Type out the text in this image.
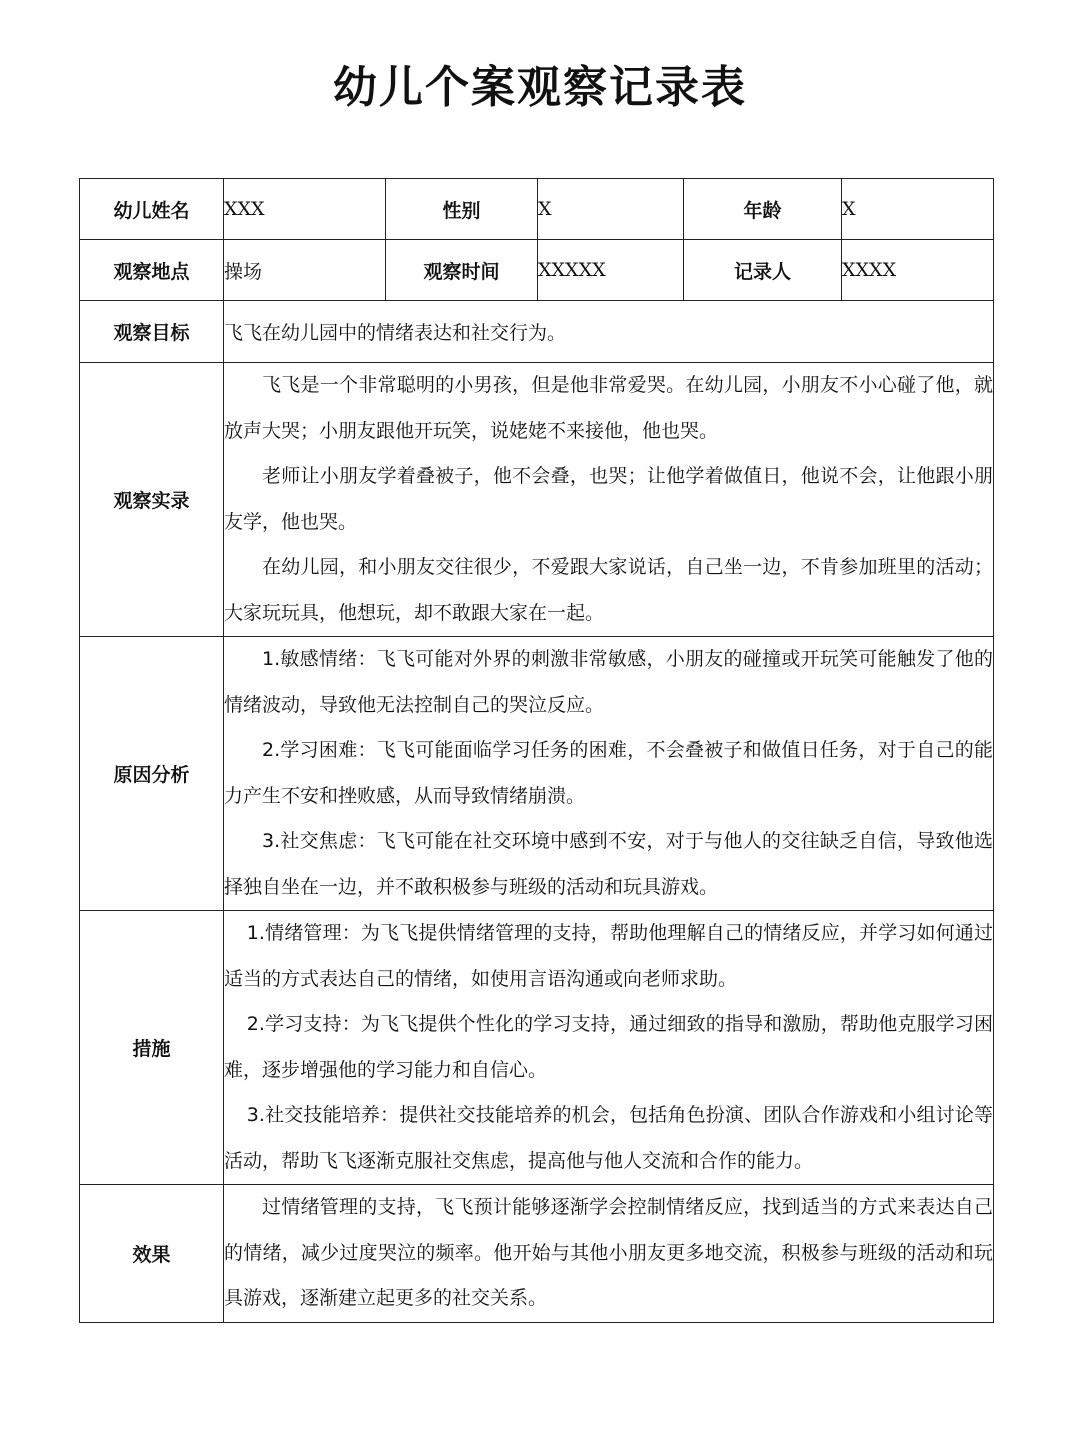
幼儿个案观察记录表
幼儿姓名	XXX	性别	X	年龄	X
观察地点	操场	观察时间	XXXXX	记录人	XXXX
观察目标	飞飞在幼儿园中的情绪表达和社交行为。				
观察实录	飞飞是一个非常聪明的小男孩，但是他非常爱哭。在幼儿园，小朋友不小心碰了他，就放声大哭；小朋友跟他开玩笑，说姥姥不来接他，他也哭。

老师让小朋友学着叠被子，他不会叠，也哭；让他学着做值日，他说不会，让他跟小朋友学，他也哭。

在幼儿园，和小朋友交往很少，不爱跟大家说话，自己坐一边，不肯参加班里的活动；大家玩玩具，他想玩，却不敢跟大家在一起。				

原因分析	1.敏感情绪：飞飞可能对外界的刺激非常敏感，小朋友的碰撞或开玩笑可能触发了他的情绪波动，导致他无法控制自己的哭泣反应。

2.学习困难：飞飞可能面临学习任务的困难，不会叠被子和做值日任务，对于自己的能力产生不安和挫败感，从而导致情绪崩溃。

3.社交焦虑：飞飞可能在社交环境中感到不安，对于与他人的交往缺乏自信，导致他选择独自坐在一边，并不敢积极参与班级的活动和玩具游戏。				

措施	1.情绪管理：为飞飞提供情绪管理的支持，帮助他理解自己的情绪反应，并学习如何通过适当的方式表达自己的情绪，如使用言语沟通或向老师求助。

2.学习支持：为飞飞提供个性化的学习支持，通过细致的指导和激励，帮助他克服学习困难，逐步增强他的学习能力和自信心。

3.社交技能培养：提供社交技能培养的机会，包括角色扮演、团队合作游戏和小组讨论等活动，帮助飞飞逐渐克服社交焦虑，提高他与他人交流和合作的能力。				

效果	过情绪管理的支持，飞飞预计能够逐渐学会控制情绪反应，找到适当的方式来表达自己的情绪，减少过度哭泣的频率。他开始与其他小朋友更多地交流，积极参与班级的活动和玩具游戏，逐渐建立起更多的社交关系。				
